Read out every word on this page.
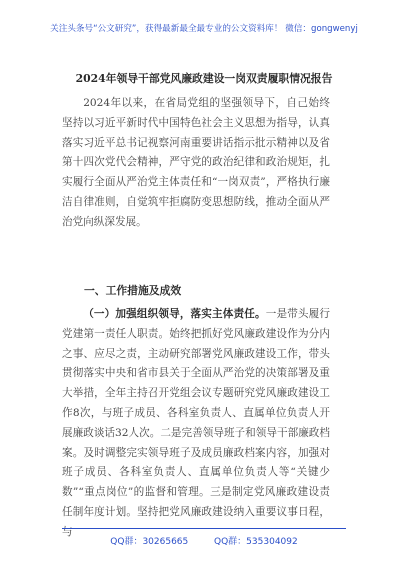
关注头条号“公文研究”，获得最新最全最专业的公文资料库！ 微信：gongwenyj
2024年领导干部党风廉政建设一岗双责履职情况报告
2024年以来，在省局党组的坚强领导下，自己始终坚持以习近平新时代中国特色社会主义思想为指导，认真落实习近平总书记视察河南重要讲话指示批示精神以及省第十四次党代会精神，严守党的政治纪律和政治规矩，扎实履行全面从严治党主体责任和“一岗双责”，严格执行廉洁自律准则，自觉筑牢拒腐防变思想防线，推动全面从严治党向纵深发展。
一、工作措施及成效
（一）加强组织领导，落实主体责任。一是带头履行党建第一责任人职责。始终把抓好党风廉政建设作为分内之事、应尽之责，主动研究部署党风廉政建设工作，带头贯彻落实中央和省市县关于全面从严治党的决策部署及重大举措，全年主持召开党组会议专题研究党风廉政建设工作8次，与班子成员、各科室负责人、直属单位负责人开展廉政谈话32人次。二是完善领导班子和领导干部廉政档案。及时调整完实领导班子及成员廉政档案内容，加强对班子成员、各科室负责人、直属单位负责人等“关键少数”“重点岗位”的监督和管理。三是制定党风廉政建设责任制年度计划。坚持把党风廉政建设纳入重要议事日程，与
QQ群：30265665	QQ群：535304092
